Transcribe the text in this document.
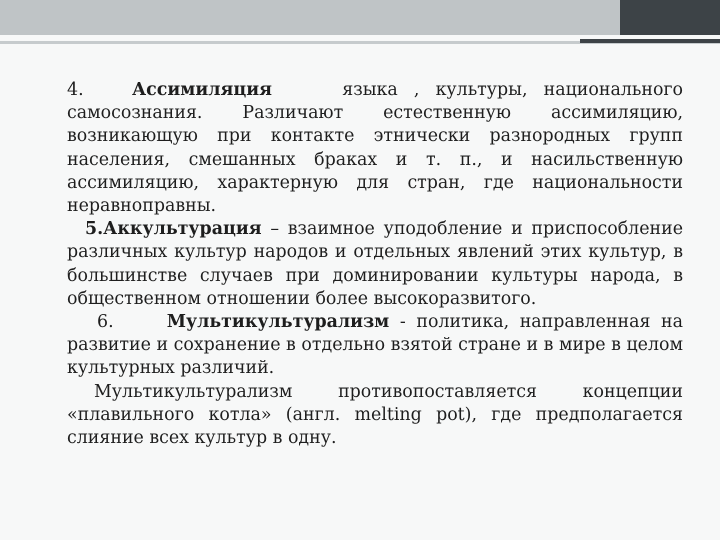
4.	Ассимиляция	языка , культуры, национального самосознания. Различают естественную ассимиляцию, возникающую при контакте этнически разнородных групп населения, смешанных браках и т. п., и насильственную ассимиляцию, характерную для стран, где национальности неравноправны.

5.Аккультурация – взаимное уподобление и приспособление различных культур народов и отдельных явлений этих культур, в большинстве случаев при доминировании культуры народа, в общественном отношении более высокоразвитого.

6.	Мультикультурализм - политика, направленная на развитие и сохранение в отдельно взятой стране и в мире в целом культурных различий.

Мультикультурализм противопоставляется концепции «плавильного котла» (англ. melting pot), где предполагается слияние всех культур в одну.
